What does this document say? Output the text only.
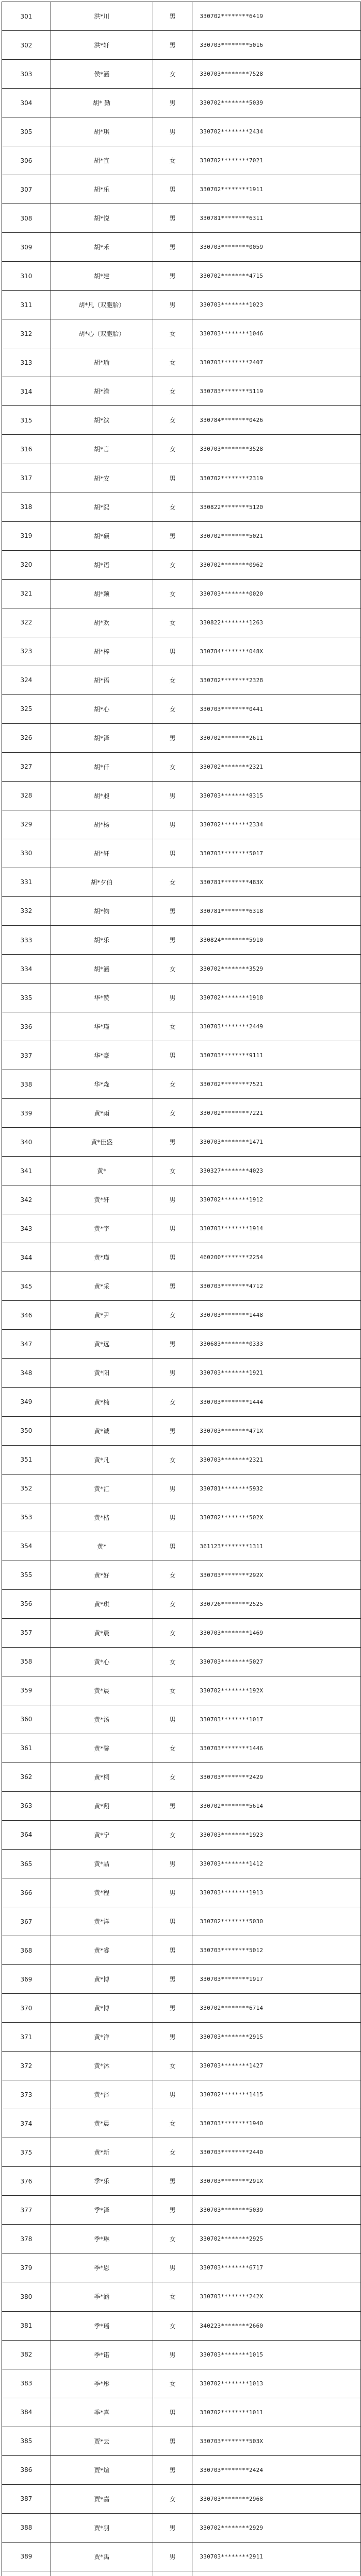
301	洪*川	男	330702********6419
302	洪*轩	男	330703********5016
303	侯*涵	女	330703********7528
304	胡* 勤	男	330702********5039
305	胡*琪	男	330702********2434
306	胡*宣	女	330702********7021
307	胡*乐	男	330702********1911
308	胡*悦	男	330781********6311
309	胡*禾	男	330703********0059
310	胡*建	男	330702********4715
311	胡*凡（双胞胎）	男	330703********1023
312	胡*心（双胞胎）	女	330703********1046
313	胡*瑜	女	330703********2407
314	胡*滢	女	330783********5119
315	胡*滨	女	330784********0426
316	胡*言	女	330703********3528
317	胡*安	男	330702********2319
318	胡*熙	女	330822********5120
319	胡*硕	男	330702********5021
320	胡*语	女	330702********0962
321	胡*颖	女	330703********0020
322	胡*欢	女	330822********1263
323	胡*梓	男	330784********048X
324	胡*语	女	330702********2328
325	胡*心	女	330703********0441
326	胡*泽	男	330702********2611
327	胡*仟	女	330702********2321
328	胡*昶	男	330703********8315
329	胡*杨	男	330702********2334
330	胡*轩	男	330703********5017
331	胡*夕伯	女	330781********483X
332	胡*钧	男	330781********6318
333	胡*乐	男	330824********5910
334	胡*涵	女	330702********3529
335	华*赞	男	330702********1918
336	华*瑾	女	330703********2449
337	华*豪	男	330703********9111
338	华*淼	女	330702********7521
339	黄*雨	女	330702********7221
340	黄*佳盛	男	330703********1471
341	黄*	女	330327********4023
342	黄*轩	男	330702********1912
343	黄*宇	男	330703********1914
344	黄*瑾	男	460200********2254
345	黄*采	男	330703********4712
346	黄*尹	女	330703********1448
347	黄*远	男	330683********0333
348	黄*阳	男	330703********1921
349	黄*楠	女	330703********1444
350	黄*诚	男	330703********471X
351	黄*凡	女	330703********2321
352	黄*汇	男	330781********5932
353	黄*楷	男	330702********502X
354	黄*	男	361123********1311
355	黄*好	女	330703********292X
356	黄*琪	女	330726********2525
357	黄*晨	女	330703********1469
358	黄*心	女	330703********5027
359	黄*晨	女	330702********192X
360	黄*汤	男	330703********1017
361	黄*馨	女	330703********1446
362	黄*桐	女	330703********2429
363	黄*翔	男	330702********5614
364	黄*宁	女	330703********1923
365	黄*喆	男	330703********1412
366	黄*程	男	330703********1913
367	黄*洋	男	330702********5030
368	黄*睿	男	330703********5012
369	黄*博	男	330703********1917
370	黄*博	男	330702********6714
371	黄*洋	男	330703********2915
372	黄*沐	女	330703********1427
373	黄*泽	男	330702********1415
374	黄*晨	女	330703********1940
375	黄*新	女	330703********2440
376	季*乐	男	330703********291X
377	季*泽	男	330703********5039
378	季*琳	女	330702********2925
379	季*恩	男	330703********6717
380	季*涵	女	330703********242X
381	季*瑶	女	340223********2660
382	季*诺	男	330703********1015
383	季*彤	女	330702********1013
384	季*喜	男	330702********1011
385	贾*云	男	330703********503X
386	贾*煊	男	330703********2424
387	贾*嘉	女	330703********2968
388	贾*羽	男	330702********2929
389	贾*禹	男	330703********2911
